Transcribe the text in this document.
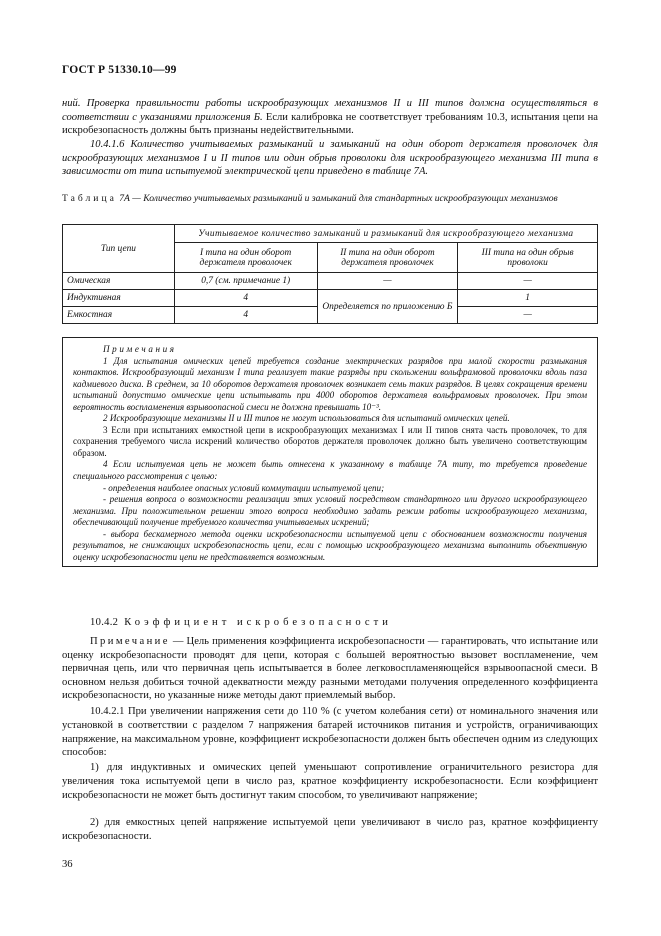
ГОСТ Р 51330.10—99
ний. Проверка правильности работы искрообразующих механизмов II и III типов должна осуществляться в соответствии с указаниями приложения Б. Если калибровка не соответствует требованиям 10.3, испытания цепи на искробезопасность должны быть признаны недействительными.
10.4.1.6 Количество учитываемых размыканий и замыканий на один оборот держателя проволочек для искрообразующих механизмов I и II типов или один обрыв проволоки для искрообразующего механизма III типа в зависимости от типа испытуемой электрической цепи приведено в таблице 7А.
Таблица 7А — Количество учитываемых размыканий и замыканий для стандартных искрообразующих механизмов
Тип цепи	Учитываемое количество замыканий и размыканий для искрообразующего механизма		
	I типа на один оборот держателя проволочек	II типа на один оборот держателя проволочек	III типа на один обрыв проволоки
Омическая	0,7 (см. примечание 1)	—	—
Индуктивная	4	Определяется по приложению Б	1
Емкостная	4		—

Примечания

1 Для испытания омических цепей требуется создание электрических разрядов при малой скорости размыкания контактов. Искрообразующий механизм I типа реализует такие разряды при скольжении вольфрамовой проволочки вдоль паза кадмиевого диска. В среднем, за 10 оборотов держателя проволочек возникает семь таких разрядов. В целях сокращения времени испытаний допустимо омические цепи испытывать при 4000 оборотов держателя вольфрамовых проволочек. При этом вероятность воспламенения взрывоопасной смеси не должна превышать 10⁻³.

2 Искрообразующие механизмы II и III типов не могут использоваться для испытаний омических цепей.

3 Если при испытаниях емкостной цепи в искрообразующих механизмах I или II типов снята часть проволочек, то для сохранения требуемого числа искрений количество оборотов держателя проволочек должно быть увеличено соответствующим образом.

4 Если испытуемая цепь не может быть отнесена к указанному в таблице 7А типу, то требуется проведение специального рассмотрения с целью:

- определения наиболее опасных условий коммутации испытуемой цепи;

- решения вопроса о возможности реализации этих условий посредством стандартного или другого искрообразующего механизма. При положительном решении этого вопроса необходимо задать режим работы искрообразующего механизма, обеспечивающий получение требуемого количества учитываемых искрений;

- выбора бескамерного метода оценки искробезопасности испытуемой цепи с обоснованием возможности получения результатов, не снижающих искробезопасность цепи, если с помощью искрообразующего механизма выполнить объективную оценку искробезопасности цепи не представляется возможным.

10.4.2 Коэффициент искробезопасности
Примечание — Цель применения коэффициента искробезопасности — гарантировать, что испытание или оценку искробезопасности проводят для цепи, которая с большей вероятностью вызовет воспламенение, чем первичная цепь, или что первичная цепь испытывается в более легковоспламеняющейся взрывоопасной смеси. В основном нельзя добиться точной адекватности между разными методами получения определенного коэффициента искробезопасности, но указанные ниже методы дают приемлемый выбор.
10.4.2.1 При увеличении напряжения сети до 110 % (с учетом колебания сети) от номинального значения или установкой в соответствии с разделом 7 напряжения батарей источников питания и устройств, ограничивающих напряжение, на максимальном уровне, коэффициент искробезопасности должен быть обеспечен одним из следующих способов:
1) для индуктивных и омических цепей уменьшают сопротивление ограничительного резистора для увеличения тока испытуемой цепи в число раз, кратное коэффициенту искробезопасности. Если коэффициент искробезопасности не может быть достигнут таким способом, то увеличивают напряжение;
2) для емкостных цепей напряжение испытуемой цепи увеличивают в число раз, кратное коэффициенту искробезопасности.
36
